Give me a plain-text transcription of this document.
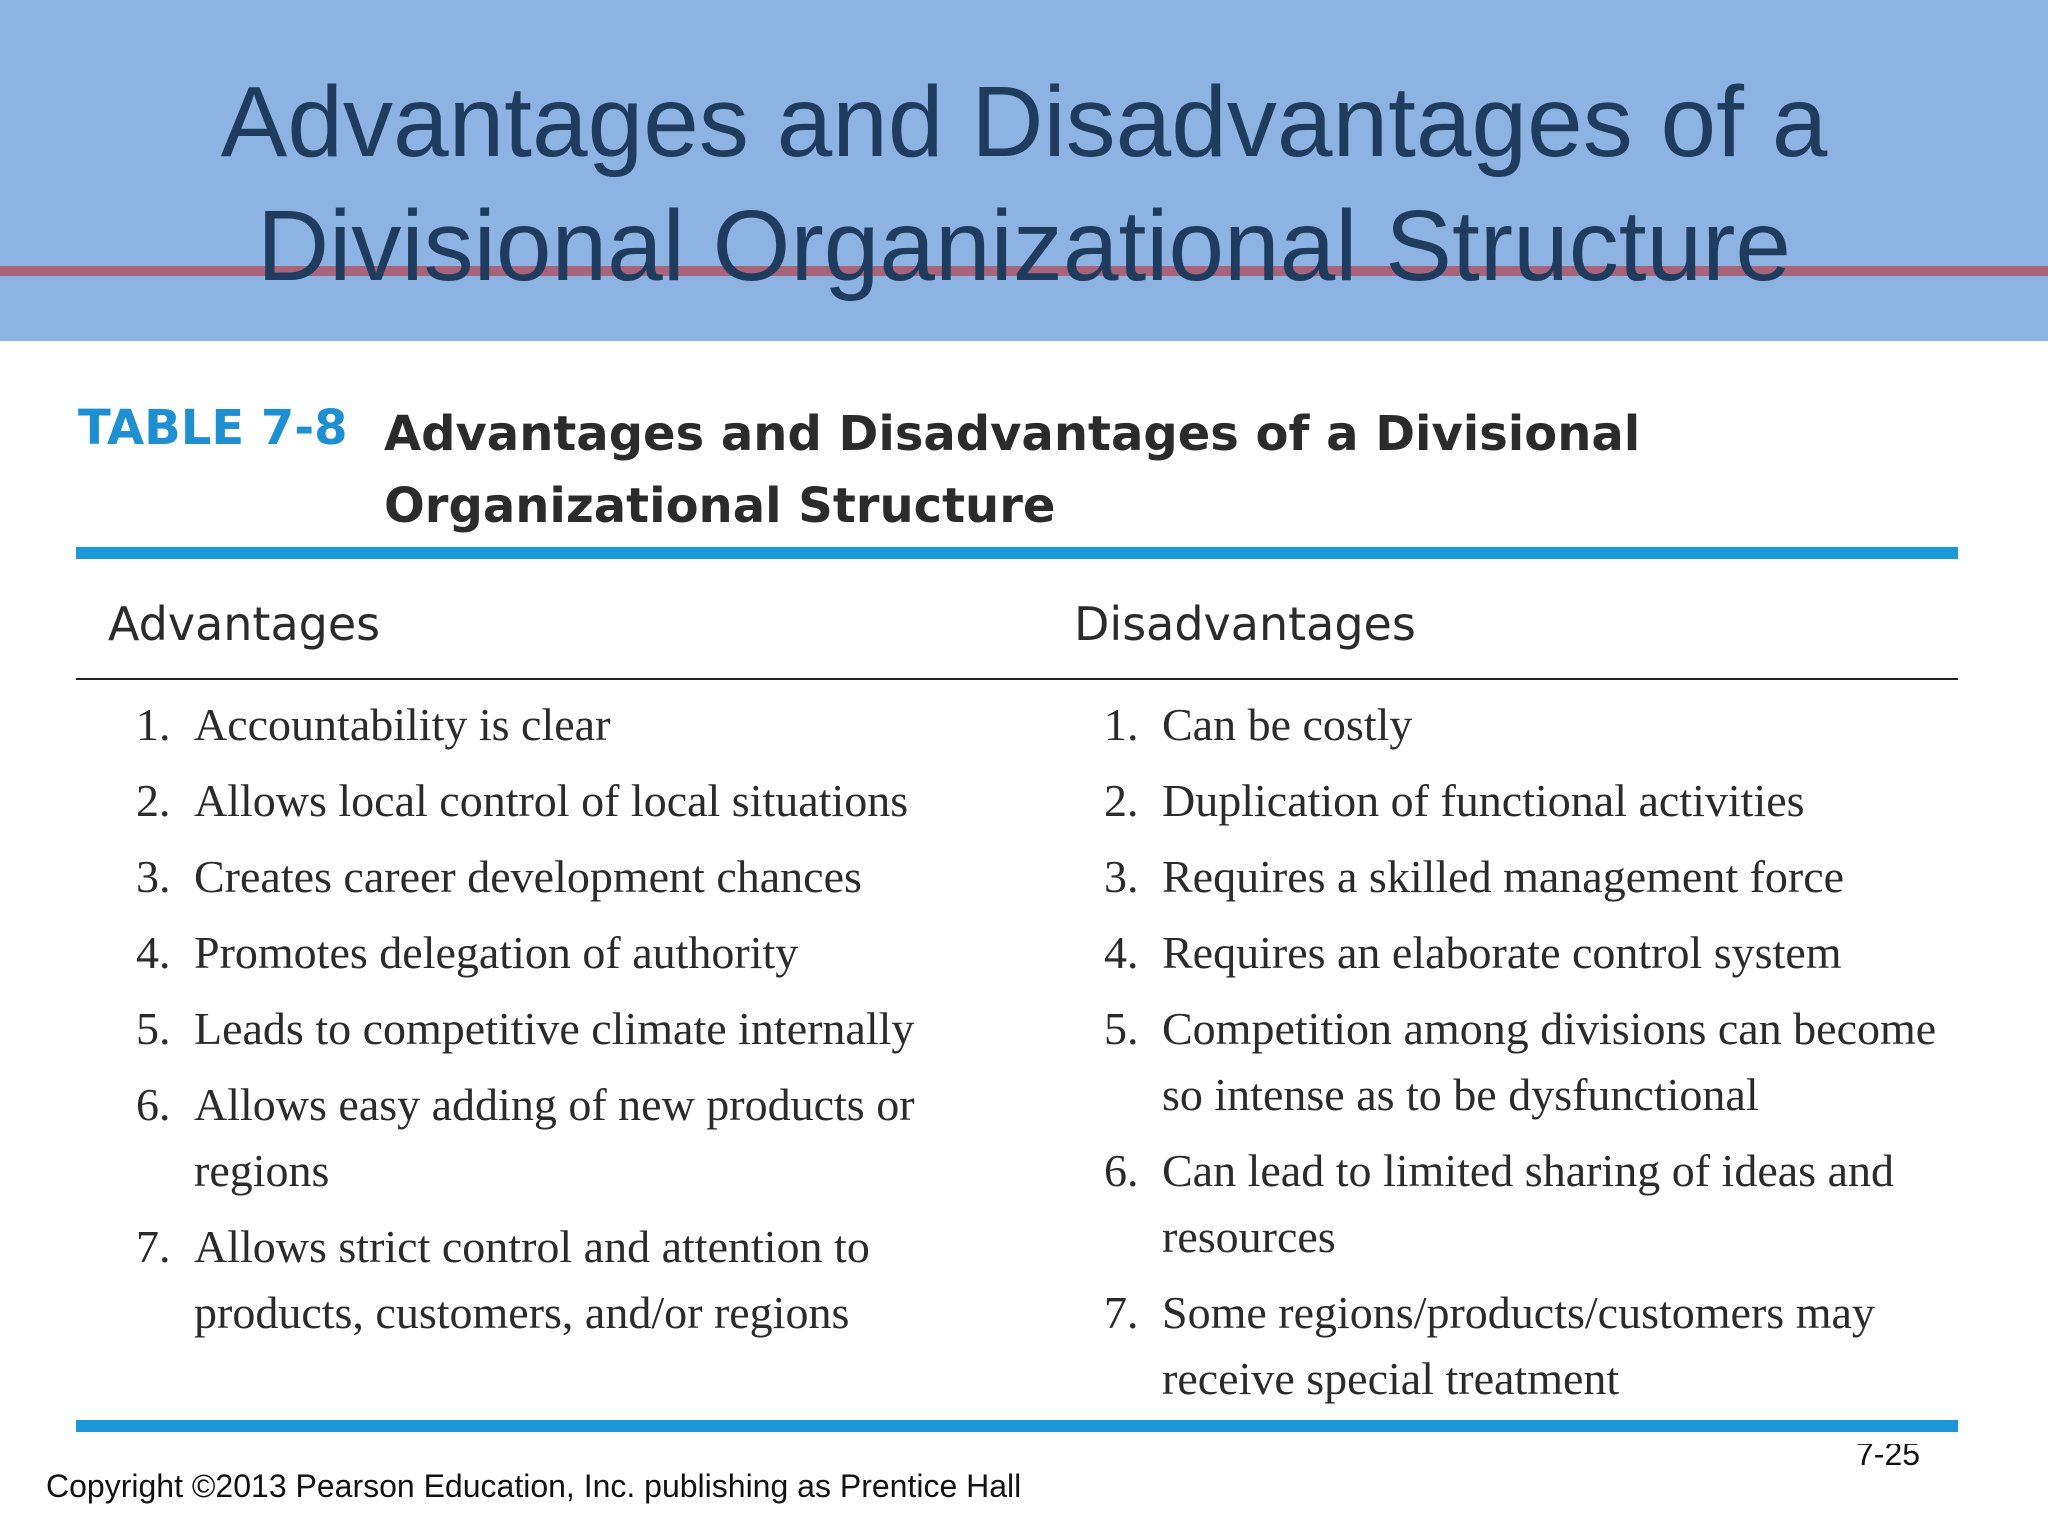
Advantages and Disadvantages of a
Divisional Organizational Structure
TABLE 7-8 Advantages and Disadvantages of a Divisional Organizational Structure
Advantages	Disadvantages
1. Accountability is clear
2. Allows local control of local situations
3. Creates career development chances
4. Promotes delegation of authority
5. Leads to competitive climate internally
6. Allows easy adding of new products or regions
7. Allows strict control and attention to products, customers, and/or regions
1. Can be costly
2. Duplication of functional activities
3. Requires a skilled management force
4. Requires an elaborate control system
5. Competition among divisions can become so intense as to be dysfunctional
6. Can lead to limited sharing of ideas and resources
7. Some regions/products/customers may receive special treatment
7-25
Copyright ©2013 Pearson Education, Inc. publishing as Prentice Hall
